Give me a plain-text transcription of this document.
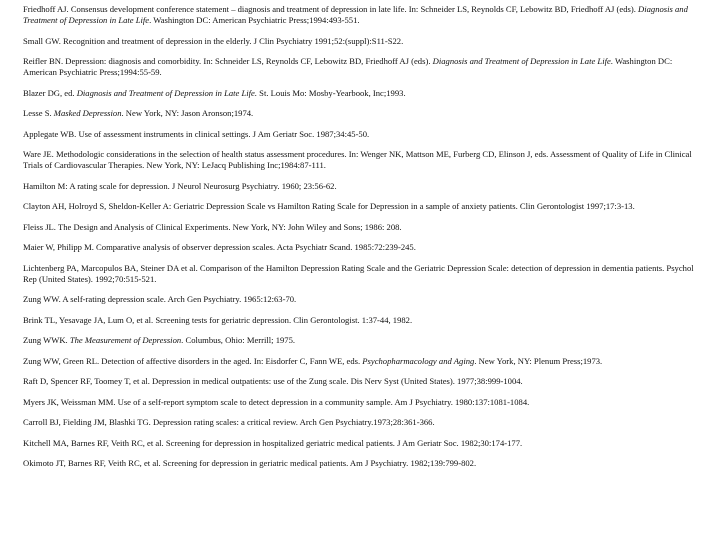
Friedhoff AJ. Consensus development conference statement – diagnosis and treatment of depression in late life. In: Schneider LS, Reynolds CF, Lebowitz BD, Friedhoff AJ (eds). Diagnosis and Treatment of Depression in Late Life. Washington DC: American Psychiatric Press;1994:493-551.
Small GW. Recognition and treatment of depression in the elderly. J Clin Psychiatry 1991;52:(suppl):S11-S22.
Reifler BN. Depression: diagnosis and comorbidity. In: Schneider LS, Reynolds CF, Lebowitz BD, Friedhoff AJ (eds). Diagnosis and Treatment of Depression in Late Life. Washington DC: American Psychiatric Press;1994:55-59.
Blazer DG, ed. Diagnosis and Treatment of Depression in Late Life. St. Louis Mo: Mosby-Yearbook, Inc;1993.
Lesse S. Masked Depression. New York, NY: Jason Aronson;1974.
Applegate WB. Use of assessment instruments in clinical settings. J Am Geriatr Soc. 1987;34:45-50.
Ware JE. Methodologic considerations in the selection of health status assessment procedures. In: Wenger NK, Mattson ME, Furberg CD, Elinson J, eds. Assessment of Quality of Life in Clinical Trials of Cardiovascular Therapies. New York, NY: LeJacq Publishing Inc;1984:87-111.
Hamilton M: A rating scale for depression. J Neurol Neurosurg Psychiatry. 1960; 23:56-62.
Clayton AH, Holroyd S, Sheldon-Keller A: Geriatric Depression Scale vs Hamilton Rating Scale for Depression in a sample of anxiety patients. Clin Gerontologist 1997;17:3-13.
Fleiss JL. The Design and Analysis of Clinical Experiments. New York, NY: John Wiley and Sons; 1986: 208.
Maier W, Philipp M. Comparative analysis of observer depression scales. Acta Psychiatr Scand. 1985:72:239-245.
Lichtenberg PA, Marcopulos BA, Steiner DA et al. Comparison of the Hamilton Depression Rating Scale and the Geriatric Depression Scale: detection of depression in dementia patients. Psychol Rep (United States). 1992;70:515-521.
Zung WW. A self-rating depression scale. Arch Gen Psychiatry. 1965:12:63-70.
Brink TL, Yesavage JA, Lum O, et al. Screening tests for geriatric depression. Clin Gerontologist. 1:37-44, 1982.
Zung WWK. The Measurement of Depression. Columbus, Ohio: Merrill; 1975.
Zung WW, Green RL. Detection of affective disorders in the aged. In: Eisdorfer C, Fann WE, eds. Psychopharmacology and Aging. New York, NY: Plenum Press;1973.
Raft D, Spencer RF, Toomey T, et al. Depression in medical outpatients: use of the Zung scale. Dis Nerv Syst (United States). 1977;38:999-1004.
Myers JK, Weissman MM. Use of a self-report symptom scale to detect depression in a community sample. Am J Psychiatry. 1980:137:1081-1084.
Carroll BJ, Fielding JM, Blashki TG. Depression rating scales: a critical review. Arch Gen Psychiatry.1973;28:361-366.
Kitchell MA, Barnes RF, Veith RC, et al. Screening for depression in hospitalized geriatric medical patients. J Am Geriatr Soc. 1982;30:174-177.
Okimoto JT, Barnes RF, Veith RC, et al. Screening for depression in geriatric medical patients. Am J Psychiatry. 1982;139:799-802.
